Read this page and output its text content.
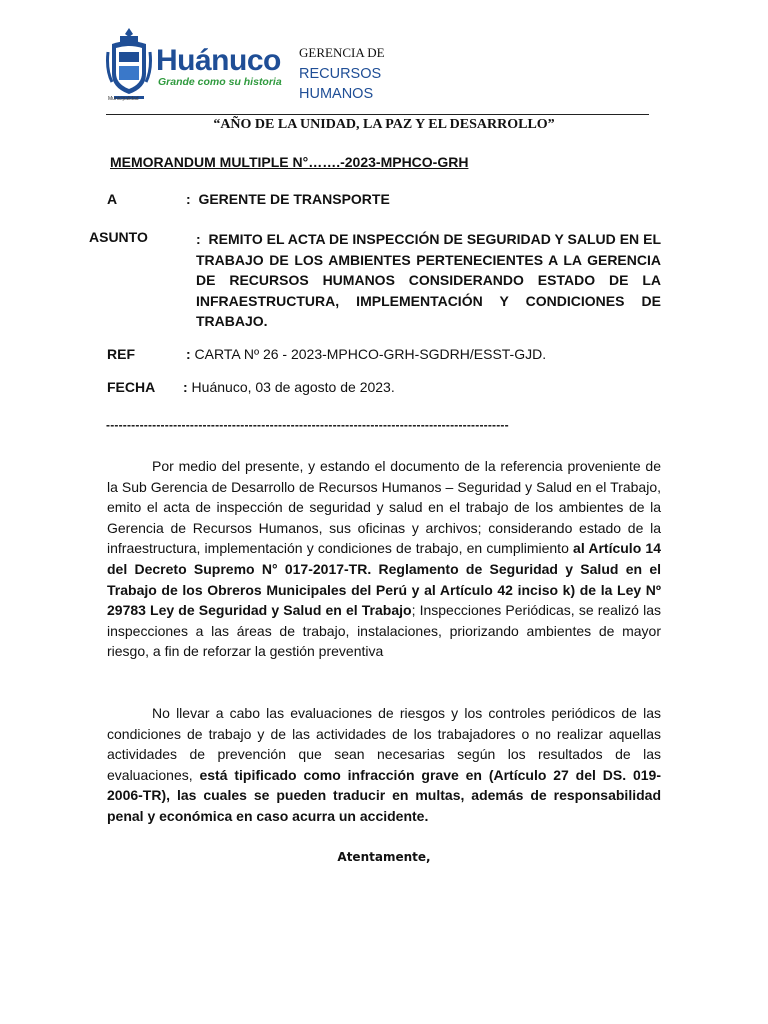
Huánuco
Grande como su historia
Municipalidad
GERENCIA DE
RECURSOS
HUMANOS
“AÑO DE LA UNIDAD, LA PAZ Y EL DESARROLLO”
MEMORANDUM MULTIPLE N°…….-2023-MPHCO-GRH
A	:  GERENTE DE TRANSPORTE
ASUNTO	:  REMITO EL ACTA DE INSPECCIÓN DE SEGURIDAD Y SALUD EN EL TRABAJO DE LOS AMBIENTES PERTENECIENTES A LA GERENCIA DE RECURSOS HUMANOS CONSIDERANDO ESTADO DE LA INFRAESTRUCTURA, IMPLEMENTACIÓN Y CONDICIONES DE TRABAJO.
REF	: CARTA Nº 26 - 2023-MPHCO-GRH-SGDRH/ESST-GJD.
FECHA : Huánuco, 03 de agosto de 2023.
------------------------------------------------------------------------------------------------
Por medio del presente, y estando el documento de la referencia proveniente de la Sub Gerencia de Desarrollo de Recursos Humanos – Seguridad y Salud en el Trabajo, emito el acta de inspección de seguridad y salud en el trabajo de los ambientes de la Gerencia de Recursos Humanos, sus oficinas y archivos; considerando estado de la infraestructura, implementación y condiciones de trabajo, en cumplimiento al Artículo 14 del Decreto Supremo N° 017-2017-TR. Reglamento de Seguridad y Salud en el Trabajo de los Obreros Municipales del Perú y al Artículo 42 inciso k) de la Ley Nº 29783 Ley de Seguridad y Salud en el Trabajo; Inspecciones Periódicas, se realizó las inspecciones a las áreas de trabajo, instalaciones, priorizando ambientes de mayor riesgo, a fin de reforzar la gestión preventiva
No llevar a cabo las evaluaciones de riesgos y los controles periódicos de las condiciones de trabajo y de las actividades de los trabajadores o no realizar aquellas actividades de prevención que sean necesarias según los resultados de las evaluaciones, está tipificado como infracción grave en (Artículo 27 del DS. 019-2006-TR), las cuales se pueden traducir en multas, además de responsabilidad penal y económica en caso acurra un accidente.
Atentamente,
